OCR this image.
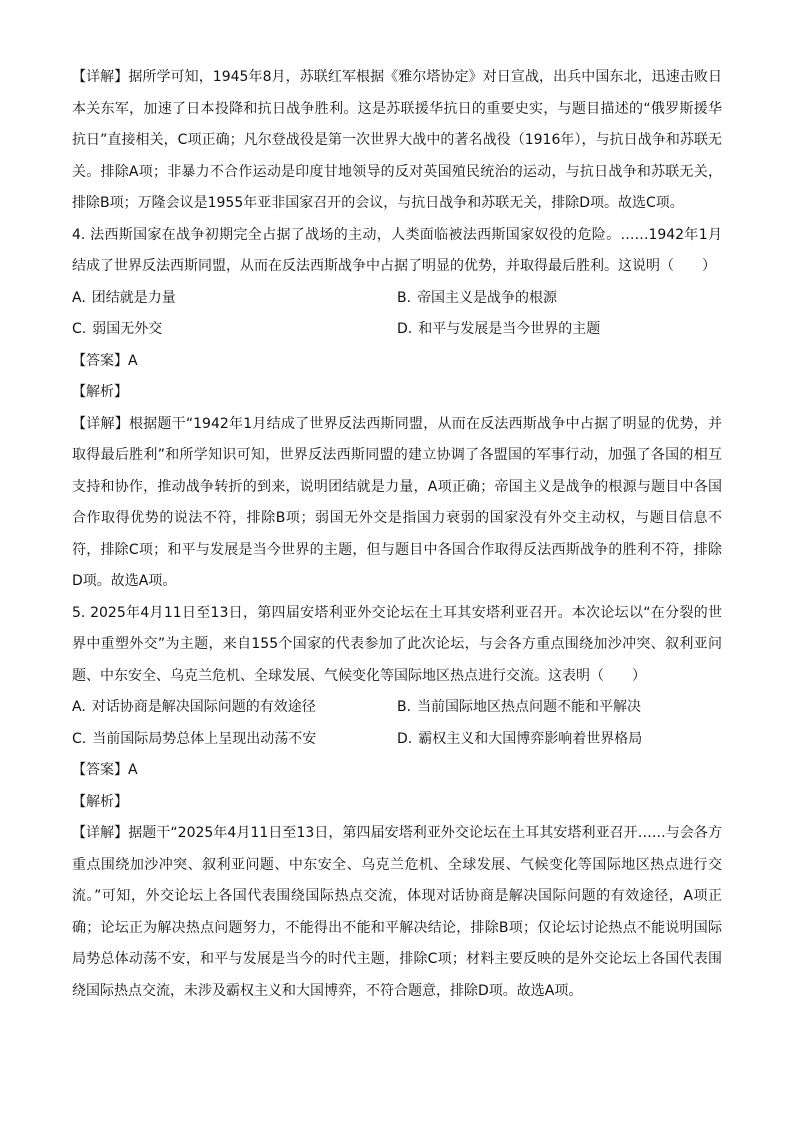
【详解】据所学可知，1945年8月，苏联红军根据《雅尔塔协定》对日宣战，出兵中国东北，迅速击败日本关东军，加速了日本投降和抗日战争胜利。这是苏联援华抗日的重要史实，与题目描述的“俄罗斯援华抗日”直接相关，C项正确；凡尔登战役是第一次世界大战中的著名战役（1916年），与抗日战争和苏联无关。排除A项；非暴力不合作运动是印度甘地领导的反对英国殖民统治的运动，与抗日战争和苏联无关，排除B项；万隆会议是1955年亚非国家召开的会议，与抗日战争和苏联无关，排除D项。故选C项。

4. 法西斯国家在战争初期完全占据了战场的主动，人类面临被法西斯国家奴役的危险。……1942年1月结成了世界反法西斯同盟，从而在反法西斯战争中占据了明显的优势，并取得最后胜利。这说明（　　）

A. 团结就是力量	B. 帝国主义是战争的根源
C. 弱国无外交	D. 和平与发展是当今世界的主题

【答案】A

【解析】

【详解】根据题干“1942年1月结成了世界反法西斯同盟，从而在反法西斯战争中占据了明显的优势，并取得最后胜利”和所学知识可知，世界反法西斯同盟的建立协调了各盟国的军事行动，加强了各国的相互支持和协作，推动战争转折的到来，说明团结就是力量，A项正确；帝国主义是战争的根源与题目中各国合作取得优势的说法不符，排除B项；弱国无外交是指国力衰弱的国家没有外交主动权，与题目信息不符，排除C项；和平与发展是当今世界的主题，但与题目中各国合作取得反法西斯战争的胜利不符，排除D项。故选A项。

5. 2025年4月11日至13日，第四届安塔利亚外交论坛在土耳其安塔利亚召开。本次论坛以“在分裂的世界中重塑外交”为主题，来自155个国家的代表参加了此次论坛，与会各方重点围绕加沙冲突、叙利亚问题、中东安全、乌克兰危机、全球发展、气候变化等国际地区热点进行交流。这表明（　　）

A. 对话协商是解决国际问题的有效途径	B. 当前国际地区热点问题不能和平解决
C. 当前国际局势总体上呈现出动荡不安	D. 霸权主义和大国博弈影响着世界格局

【答案】A

【解析】

【详解】据题干“2025年4月11日至13日，第四届安塔利亚外交论坛在土耳其安塔利亚召开……与会各方重点围绕加沙冲突、叙利亚问题、中东安全、乌克兰危机、全球发展、气候变化等国际地区热点进行交流。”可知，外交论坛上各国代表围绕国际热点交流，体现对话协商是解决国际问题的有效途径，A项正确；论坛正为解决热点问题努力，不能得出不能和平解决结论，排除B项；仅论坛讨论热点不能说明国际局势总体动荡不安，和平与发展是当今的时代主题，排除C项；材料主要反映的是外交论坛上各国代表围绕国际热点交流，未涉及霸权主义和大国博弈，不符合题意，排除D项。故选A项。
